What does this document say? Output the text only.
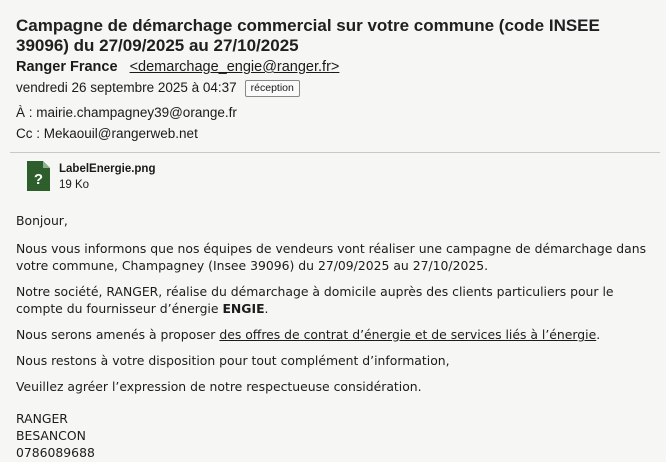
Campagne de démarchage commercial sur votre commune (code INSEE 39096) du 27/09/2025 au 27/10/2025
Ranger France <demarchage_engie@ranger.fr>
vendredi 26 septembre 2025 à 04:37 réception
À : mairie.champagney39@orange.fr
Cc : Mekaouil@rangerweb.net
?
LabelEnergie.png
19 Ko
Bonjour,
Nous vous informons que nos équipes de vendeurs vont réaliser une campagne de démarchage dans votre commune, Champagney (Insee 39096) du 27/09/2025 au 27/10/2025.
Notre société, RANGER, réalise du démarchage à domicile auprès des clients particuliers pour le compte du fournisseur d’énergie ENGIE.
Nous serons amenés à proposer des offres de contrat d’énergie et de services liés à l’énergie.
Nous restons à votre disposition pour tout complément d’information,
Veuillez agréer l’expression de notre respectueuse considération.
RANGER
BESANCON
0786089688
